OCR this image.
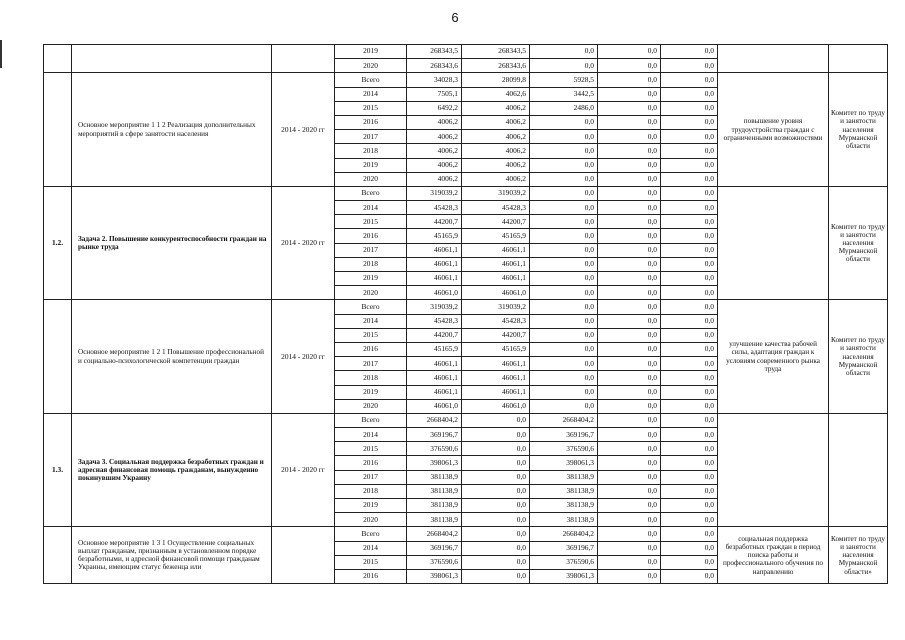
6
			2019	268343,5	268343,5	0,0	0,0	0,0		
			2020	268343,6	268343,6	0,0	0,0	0,0		
	Основное мероприятие 1 1 2 Реализация дополнительных мероприятий в сфере занятости населения	2014 - 2020 гг	Всего	34028,3	28099,8	5928,5	0,0	0,0	повышение уровня трудоустройства граждан с ограниченными возможностями	Комитет по труду и занятости населения Мурманской области
			2014	7505,1	4062,6	3442,5	0,0	0,0		
			2015	6492,2	4006,2	2486,0	0,0	0,0		
			2016	4006,2	4006,2	0,0	0,0	0,0		
			2017	4006,2	4006,2	0,0	0,0	0,0		
			2018	4006,2	4006,2	0,0	0,0	0,0		
			2019	4006,2	4006,2	0,0	0,0	0,0		
			2020	4006,2	4006,2	0,0	0,0	0,0		
1.2.	Задача 2. Повышение конкурентоспособности граждан на рынке труда	2014 - 2020 гг	Всего	319039,2	319039,2	0,0	0,0	0,0		Комитет по труду и занятости населения Мурманской области
			2014	45428,3	45428,3	0,0	0,0	0,0		
			2015	44200,7	44200,7	0,0	0,0	0,0		
			2016	45165,9	45165,9	0,0	0,0	0,0		
			2017	46061,1	46061,1	0,0	0,0	0,0		
			2018	46061,1	46061,1	0,0	0,0	0,0		
			2019	46061,1	46061,1	0,0	0,0	0,0		
			2020	46061,0	46061,0	0,0	0,0	0,0		
	Основное мероприятие 1 2 1 Повышение профессиональной и социально-психологической компетенции граждан	2014 - 2020 гг	Всего	319039,2	319039,2	0,0	0,0	0,0	улучшение качества рабочей силы, адаптация граждан к условиям современного рынка труда	Комитет по труду и занятости населения Мурманской области
			2014	45428,3	45428,3	0,0	0,0	0,0		
			2015	44200,7	44200,7	0,0	0,0	0,0		
			2016	45165,9	45165,9	0,0	0,0	0,0		
			2017	46061,1	46061,1	0,0	0,0	0,0		
			2018	46061,1	46061,1	0,0	0,0	0,0		
			2019	46061,1	46061,1	0,0	0,0	0,0		
			2020	46061,0	46061,0	0,0	0,0	0,0		
1.3.	Задача 3. Социальная поддержка безработных граждан и адресная финансовая помощь гражданам, вынужденно покинувшим Украину	2014 - 2020 гг	Всего	2668404,2	0,0	2668404,2	0,0	0,0		
			2014	369196,7	0,0	369196,7	0,0	0,0		
			2015	376590,6	0,0	376590,6	0,0	0,0		
			2016	398061,3	0,0	398061,3	0,0	0,0		
			2017	381138,9	0,0	381138,9	0,0	0,0		
			2018	381138,9	0,0	381138,9	0,0	0,0		
			2019	381138,9	0,0	381138,9	0,0	0,0		
			2020	381138,9	0,0	381138,9	0,0	0,0		
	Основное мероприятие 1 3 1 Осуществление социальных выплат гражданам, признанным в установленном порядке безработными, и адресной финансовой помощи гражданам Украины, имеющим статус беженца или		Всего	2668404,2	0,0	2668404,2	0,0	0,0	социальная поддержка безработных граждан в период поиска работы и профессионального обучения по направлению	Комитет по труду и занятости населения Мурманской области»
			2014	369196,7	0,0	369196,7	0,0	0,0		
			2015	376590,6	0,0	376590,6	0,0	0,0		
			2016	398061,3	0,0	398061,3	0,0	0,0		
